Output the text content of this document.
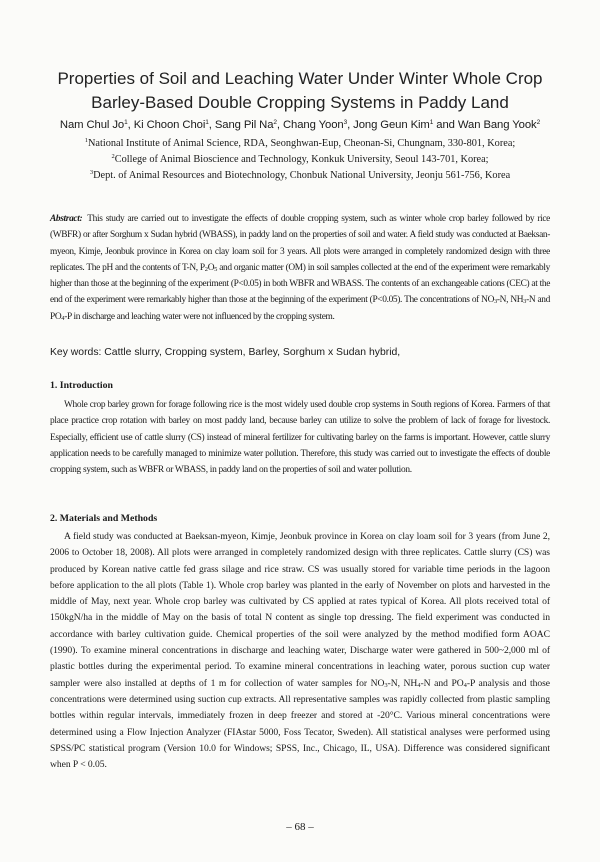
Properties of Soil and Leaching Water Under Winter Whole Crop
Barley-Based Double Cropping Systems in Paddy Land
Nam Chul Jo$^1$, Ki Choon Choi$^1$, Sang Pil Na$^2$, Chang Yoon$^3$, Jong Geun Kim$^1$ and Wan Bang Yook$^2$
$^1$National Institute of Animal Science, RDA, Seonghwan-Eup, Cheonan-Si, Chungnam, 330-801, Korea;
$^2$College of Animal Bioscience and Technology, Konkuk University, Seoul 143-701, Korea;
$^3$Dept. of Animal Resources and Biotechnology, Chonbuk National University, Jeonju 561-756, Korea
Abstract: This study are carried out to investigate the effects of double cropping system, such as winter whole crop barley followed by rice (WBFR) or after Sorghum x Sudan hybrid (WBASS), in paddy land on the properties of soil and water. A field study was conducted at Baeksan-myeon, Kimje, Jeonbuk province in Korea on clay loam soil for 3 years. All plots were arranged in completely randomized design with three replicates. The pH and the contents of T-N, $P_2O_5$ and organic matter (OM) in soil samples collected at the end of the experiment were remarkably higher than those at the beginning of the experiment (P<0.05) in both WBFR and WBASS. The contents of an exchangeable cations (CEC) at the end of the experiment were remarkably higher than those at the beginning of the experiment (P<0.05). The concentrations of $NO_3-N$, $NH_3-N$ and $PO_4-P$ in discharge and leaching water were not influenced by the cropping system.
Key words: Cattle slurry, Cropping system, Barley, Sorghum x Sudan hybrid,
1. Introduction
Whole crop barley grown for forage following rice is the most widely used double crop systems in South regions of Korea. Farmers of that place practice crop rotation with barley on most paddy land, because barley can utilize to solve the problem of lack of forage for livestock. Especially, efficient use of cattle slurry (CS) instead of mineral fertilizer for cultivating barley on the farms is important. However, cattle slurry application needs to be carefully managed to minimize water pollution. Therefore, this study was carried out to investigate the effects of double cropping system, such as WBFR or WBASS, in paddy land on the properties of soil and water pollution.
2. Materials and Methods
A field study was conducted at Baeksan-myeon, Kimje, Jeonbuk province in Korea on clay loam soil for 3 years (from June 2, 2006 to October 18, 2008). All plots were arranged in completely randomized design with three replicates. Cattle slurry (CS) was produced by Korean native cattle fed grass silage and rice straw. CS was usually stored for variable time periods in the lagoon before application to the all plots (Table 1). Whole crop barley was planted in the early of November on plots and harvested in the middle of May, next year. Whole crop barley was cultivated by CS applied at rates typical of Korea. All plots received total of 150kgN/ha in the middle of May on the basis of total N content as single top dressing. The field experiment was conducted in accordance with barley cultivation guide. Chemical properties of the soil were analyzed by the method modified form AOAC (1990). To examine mineral concentrations in discharge and leaching water, Discharge water were gathered in 500~2,000 ml of plastic bottles during the experimental period. To examine mineral concentrations in leaching water, porous suction cup water sampler were also installed at depths of 1 m for collection of water samples for $NO_3-N$, $NH_4-N$ and $PO_4-P$ analysis and those concentrations were determined using suction cup extracts. All representative samples was rapidly collected from plastic sampling bottles within regular intervals, immediately frozen in deep freezer and stored at -20°C. Various mineral concentrations were determined using a Flow Injection Analyzer (FIAstar 5000, Foss Tecator, Sweden). All statistical analyses were performed using SPSS/PC statistical program (Version 10.0 for Windows; SPSS, Inc., Chicago, IL, USA). Difference was considered significant when P < 0.05.
– 68 –
